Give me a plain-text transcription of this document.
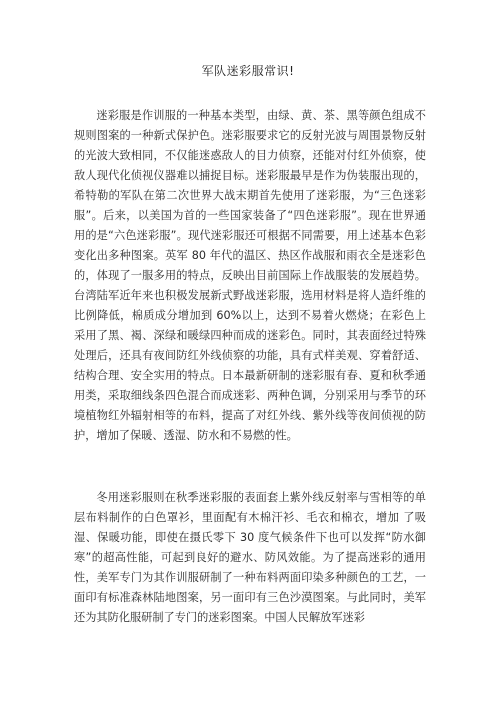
军队迷彩服常识!

迷彩服是作训服的一种基本类型，由绿、黄、茶、黑等颜色组成不规则图案的一种新式保护色。迷彩服要求它的反射光波与周围景物反射的光波大致相同，不仅能迷惑敌人的目力侦察，还能对付红外侦察，使敌人现代化侦视仪器难以捕捉目标。迷彩服最早是作为伪装服出现的，希特勒的军队在第二次世界大战末期首先使用了迷彩服，为“三色迷彩服”。后来，以美国为首的一些国家装备了“四色迷彩服”。现在世界通用的是“六色迷彩服”。现代迷彩服还可根据不同需要，用上述基本色彩变化出多种图案。英军 80 年代的温区、热区作战服和雨衣全是迷彩色的，体现了一服多用的特点，反映出目前国际上作战服装的发展趋势。台湾陆军近年来也积极发展新式野战迷彩服，选用材料是将人造纤维的比例降低，棉质成分增加到 60%以上，达到不易着火燃烧；在彩色上采用了黑、褐、深绿和暖绿四种而成的迷彩色。同时，其表面经过特殊处理后，还具有夜间防红外线侦察的功能，具有式样美观、穿着舒适、结构合理、安全实用的特点。日本最新研制的迷彩服有春、夏和秋季通用类，采取细线条四色混合而成迷彩、两种色调，分别采用与季节的环境植物红外辐射相等的布料，提高了对红外线、紫外线等夜间侦视的防护，增加了保暖、透湿、防水和不易燃的性。

冬用迷彩服则在秋季迷彩服的表面套上紫外线反射率与雪相等的单层布料制作的白色罩衫，里面配有木棉汗衫、毛衣和棉衣，增加 了吸湿、保暖功能，即使在摄氏零下 30 度气候条件下也可以发挥“防水御寒”的超高性能，可起到良好的避水、防风效能。为了提高迷彩的通用性，美军专门为其作训服研制了一种布料两面印染多种颜色的工艺，一面印有标准森林陆地图案，另一面印有三色沙漠图案。与此同时，美军还为其防化服研制了专门的迷彩图案。中国人民解放军迷彩
